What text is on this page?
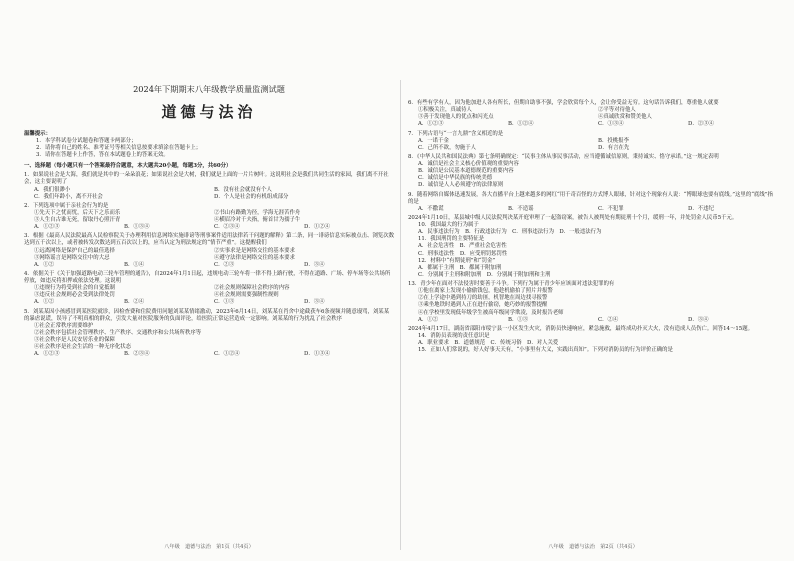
2024年下期期末八年级教学质量监测试题
道德与法治
温馨提示：
1．本学科试卷分试题卷和答题卡两部分；
2．请你将自己的姓名、准考证号等相关信息按要求填涂在答题卡上；
3．请你在答题卡上作答，答在本试题卷上的答案无效。
一、选择题（每小题只有一个答案最符合题意，本大题共20小题，每题3分，共60分）
1．如果说社会是大海，我们就是其中的一朵朵浪花；如果说社会是大树，我们就是上面的一片片树叶。这说明社会是我们共同生活的家园，我们离不开社会，这主要说明了
A．我们很渺小	B．没有社会就没有个人
C．我们年龄小，离不开社会	D．个人是社会的有机组成部分
2．下列选项中属于亲社会行为的是
①先天下之忧而忧，后天下之乐而乐	②书山有路勤为径，学海无涯苦作舟
③人生自古谁无死，留取丹心照汗青	④横眉冷对千夫指，俯首甘为孺子牛
A．①②③	B．①③④	C．②③④	D．①②④
3．根据《最高人民法院最高人民检察院关于办理利用信息网络实施诽谤等刑事案件适用法律若干问题的解释》第二条，同一诽谤信息实际被点击、浏览次数达到五千次以上，或者被转发次数达到五百次以上的，应当认定为刑法规定的“情节严重”。这提醒我们
①远离网络是保护自己的最佳选择	②实事求是是网络交往的基本要求
③网络谣言是网络交往中的大忌	④遵守法律是网络交往的基本要求
A．①②	B．①④	C．②③	D．③④
4．依据关于《关于加强道路电动三轮车管理的通告》，自2024年1月1日起，违规电动三轮车将一律不得上路行驶，不得在道路、广场、停车场等公共场所停放，如违反将扣押或依法处理。这说明
①违规行为将受到社会的自觉抵制	②社会规则保障社会秩序的内容
③违反社会规则必会受到法律处罚	④社会规则需要强制性规则
A．①②	B．②④	C．①③	D．③④
5．刘某某因小孩感冒到某医院就诊，因检查费和住院费用问题刘某某情绪激动，2023年6月14日，刘某某在肖舍中途截获车6条视频并随意谩骂，刘某某的暴虐说谎，误导了不明真相的群众，引发大量对医院服务的负面评论，给医院正常运营造成一定影响。刘某某的行为扰乱了社会秩序
①社会正常秩序需要维护
②社会秩序包括社会管理秩序、生产秩序、交通秩序和公共场所秩序等
③社会秩序是人民安居乐业的保障
④社会秩序是社会生活的一种无序化状态
A．①②③	B．②③④	C．①②④	D．①③④
八年级　道德与法治　第1页（共4页）
6．有些有学有人，因为他加进人各有所长，但期自助事不强，学会欣赏每个人，会让你受益无穷。这句话告诉我们，尊重他人就要
①积极关注，真诚待人	②平等对待他人
③善于发现他人的优点和闪光点	④真诚欣赏和赞美他人
A．①②③	B．①②④	C．①③④	D．②③④
7．下列古语与“一言九鼎”含义相近的是
A．一诺千金	B．投桃报李
C．己所不欲，勿施于人	D．有言在先
8．《中华人民共和国民法典》第七条明确规定：“民事主体从事民事活动，应当遵循诚信原则，秉持诚实、恪守承诺。”这一规定表明
A．诚信是社会主义核心价值观的重要内容
B．诚信是公民基本道德规范的重要内容
C．诚信是中华民族的传统美德
D．诚信是人人必须遵守的法律原则
9．随着网络自媒体迅速发展，各大直播平台上越来越多的网红“用千奇百怪的方式博人眼球，针对这个现象有人说：“博眼球也要有底线。”这里的“底线”指的是
A．不撒谎	B．不造谣	C．不犯罪	D．不违纪
2024年1月10日，某县城中级人民法院判决某开庭审理了一起盗窃案，被告人被判处有期徒刑十个月，缓刑一年，并处罚金人民币5千元。
10．我国最大的行为属于
A．民事违法行为　B．行政违法行为　C．刑事违法行为　D．一般违法行为
11．我国刑罚的主要特征是
A．社会危害性　B．严重社会危害性
C．刑事违法性　D．应受刑罚惩罚性
12．材料中“有期徒刑”和“罚金”
A．都属于主刑　B．都属于附加刑
C．分别属于主刑和附加刑　D．分别属于附加刑和主刑
13．青少年在面对不法侵害时要善于斗争。下列行为属于青少年应该面对违法犯罪的有
①他在离家上发现小偷偷钱包，他趁机偷拍了照片并报警
②在上学途中遇到持刀的劫匪，机智地在周边找寻报警
③乘坐地铁时遇到人正在进行偷窃，她巧妙的报警提醒
④在学校里发现低年级学生被高年级同学欺凌，及时报告老师
A．①②	B．①③	C．②④	D．③④
2024年4月17日，湖南省邵阳市绥宁县一小区发生火灾，消防员快速响应，紧急施救，最终成功扑灭大火，没有造成人员伤亡。回答14～15题。
14．消防员表现的责任意识是
A．职业要求　B．道德规范　C．传统习俗　D．对人关爱
15．正如人们常说的，好人好事天天有，“小事里有大义，实践出真知”。下列对消防员的行为评价正确的是
八年级　道德与法治　第2页（共4页）
